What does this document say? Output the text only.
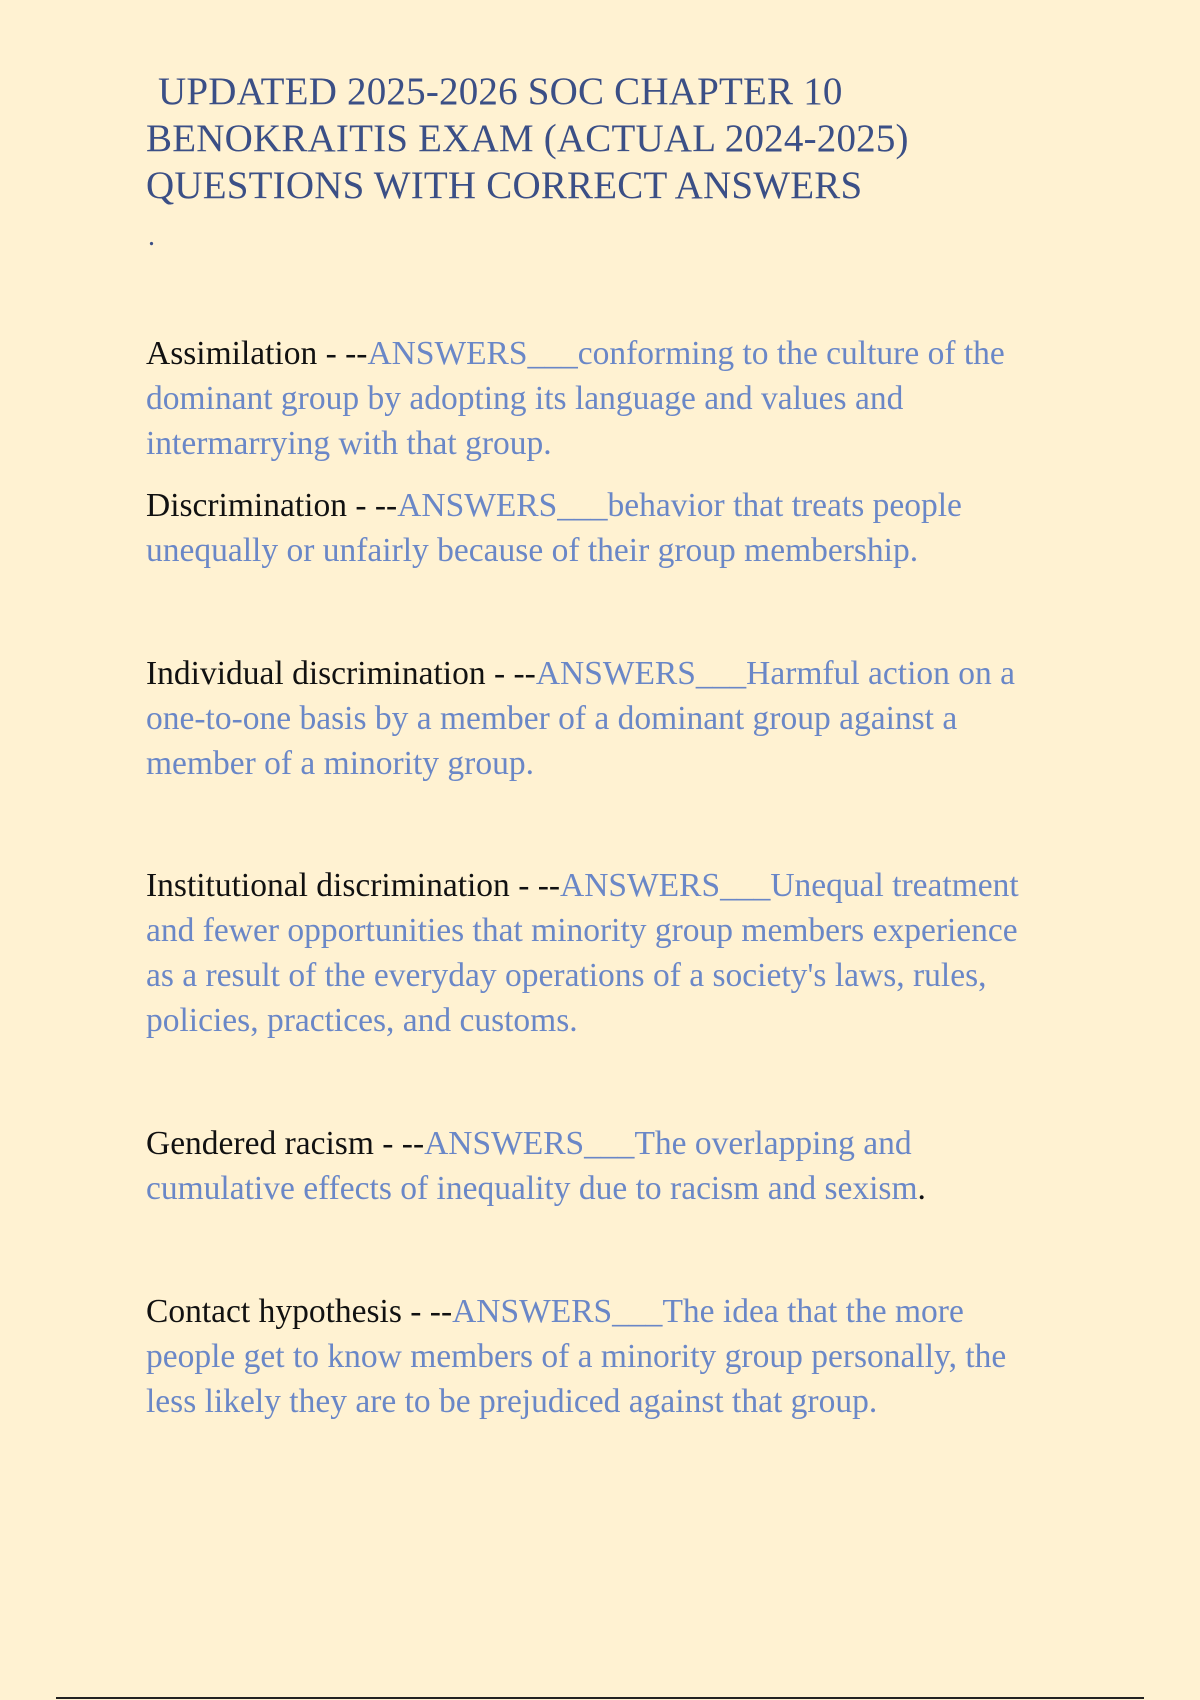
UPDATED 2025-2026 SOC CHAPTER 10
BENOKRAITIS EXAM (ACTUAL 2024-2025)
QUESTIONS WITH CORRECT ANSWERS
.
Assimilation - --ANSWERS___conforming to the culture of the dominant group by adopting its language and values and intermarrying with that group.
Discrimination - --ANSWERS___behavior that treats people unequally or unfairly because of their group membership.
Individual discrimination - --ANSWERS___Harmful action on a one-to-one basis by a member of a dominant group against a member of a minority group.
Institutional discrimination - --ANSWERS___Unequal treatment and fewer opportunities that minority group members experience as a result of the everyday operations of a society's laws, rules, policies, practices, and customs.
Gendered racism - --ANSWERS___The overlapping and cumulative effects of inequality due to racism and sexism.
Contact hypothesis - --ANSWERS___The idea that the more people get to know members of a minority group personally, the less likely they are to be prejudiced against that group.
